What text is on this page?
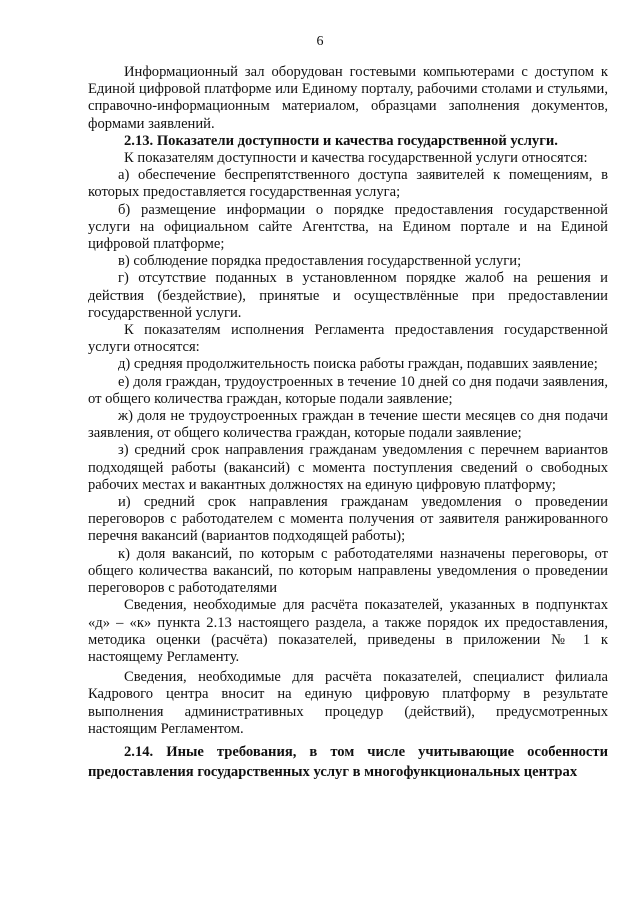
6

Информационный зал оборудован гостевыми компьютерами с доступом к Единой цифровой платформе или Единому порталу, рабочими столами и стульями, справочно-информационным материалом, образцами заполнения документов, формами заявлений.

2.13. Показатели доступности и качества государственной услуги.

К показателям доступности и качества государственной услуги относятся:

а) обеспечение беспрепятственного доступа заявителей к помещениям, в которых предоставляется государственная услуга;

б) размещение информации о порядке предоставления государственной услуги на официальном сайте Агентства, на Едином портале и на Единой цифровой платформе;

в) соблюдение порядка предоставления государственной услуги;

г) отсутствие поданных в установленном порядке жалоб на решения и действия (бездействие), принятые и осуществлённые при предоставлении государственной услуги.

К показателям исполнения Регламента предоставления государственной услуги относятся:

д) средняя продолжительность поиска работы граждан, подавших заявление;

е) доля граждан, трудоустроенных в течение 10 дней со дня подачи заявления, от общего количества граждан, которые подали заявление;

ж) доля не трудоустроенных граждан в течение шести месяцев со дня подачи заявления, от общего количества граждан, которые подали заявление;

з) средний срок направления гражданам уведомления с перечнем вариантов подходящей работы (вакансий) с момента поступления сведений о свободных рабочих местах и вакантных должностях на единую цифровую платформу;

и) средний срок направления гражданам уведомления о проведении переговоров с работодателем с момента получения от заявителя ранжированного перечня вакансий (вариантов подходящей работы);

к) доля вакансий, по которым с работодателями назначены переговоры, от общего количества вакансий, по которым направлены уведомления о проведении переговоров с работодателями

Сведения, необходимые для расчёта показателей, указанных в подпунктах «д» – «к» пункта 2.13 настоящего раздела, а также порядок их предоставления, методика оценки (расчёта) показателей, приведены в приложении № 1 к настоящему Регламенту.

Сведения, необходимые для расчёта показателей, специалист филиала Кадрового центра вносит на единую цифровую платформу в результате выполнения административных процедур (действий), предусмотренных настоящим Регламентом.

2.14. Иные требования, в том числе учитывающие особенности предоставления государственных услуг в многофункциональных центрах
